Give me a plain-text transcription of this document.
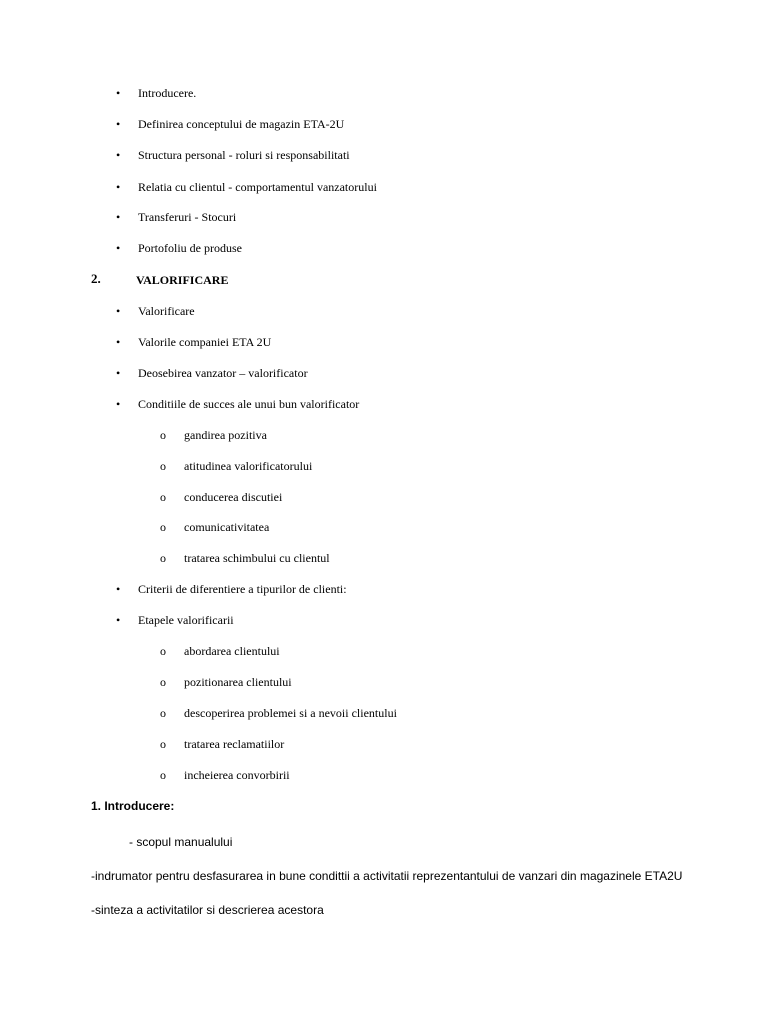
• Introducere.
• Definirea conceptului de magazin ETA-2U
• Structura personal - roluri si responsabilitati
• Relatia cu clientul - comportamentul vanzatorului
• Transferuri - Stocuri
• Portofoliu de produse
2.	VALORIFICARE
• Valorificare
• Valorile companiei ETA 2U
• Deosebirea vanzator – valorificator
• Conditiile de succes ale unui bun valorificator
o gandirea pozitiva
o atitudinea valorificatorului
o conducerea discutiei
o comunicativitatea
o tratarea schimbului cu clientul
• Criterii de diferentiere a tipurilor de clienti:
• Etapele valorificarii
o abordarea clientului
o pozitionarea clientului
o descoperirea problemei si a nevoii clientului
o tratarea reclamatiilor
o incheierea convorbirii
1. Introducere:
- scopul manualului
-indrumator pentru desfasurarea in bune condittii a activitatii reprezentantului de vanzari din magazinele ETA2U
-sinteza a activitatilor si descrierea acestora
